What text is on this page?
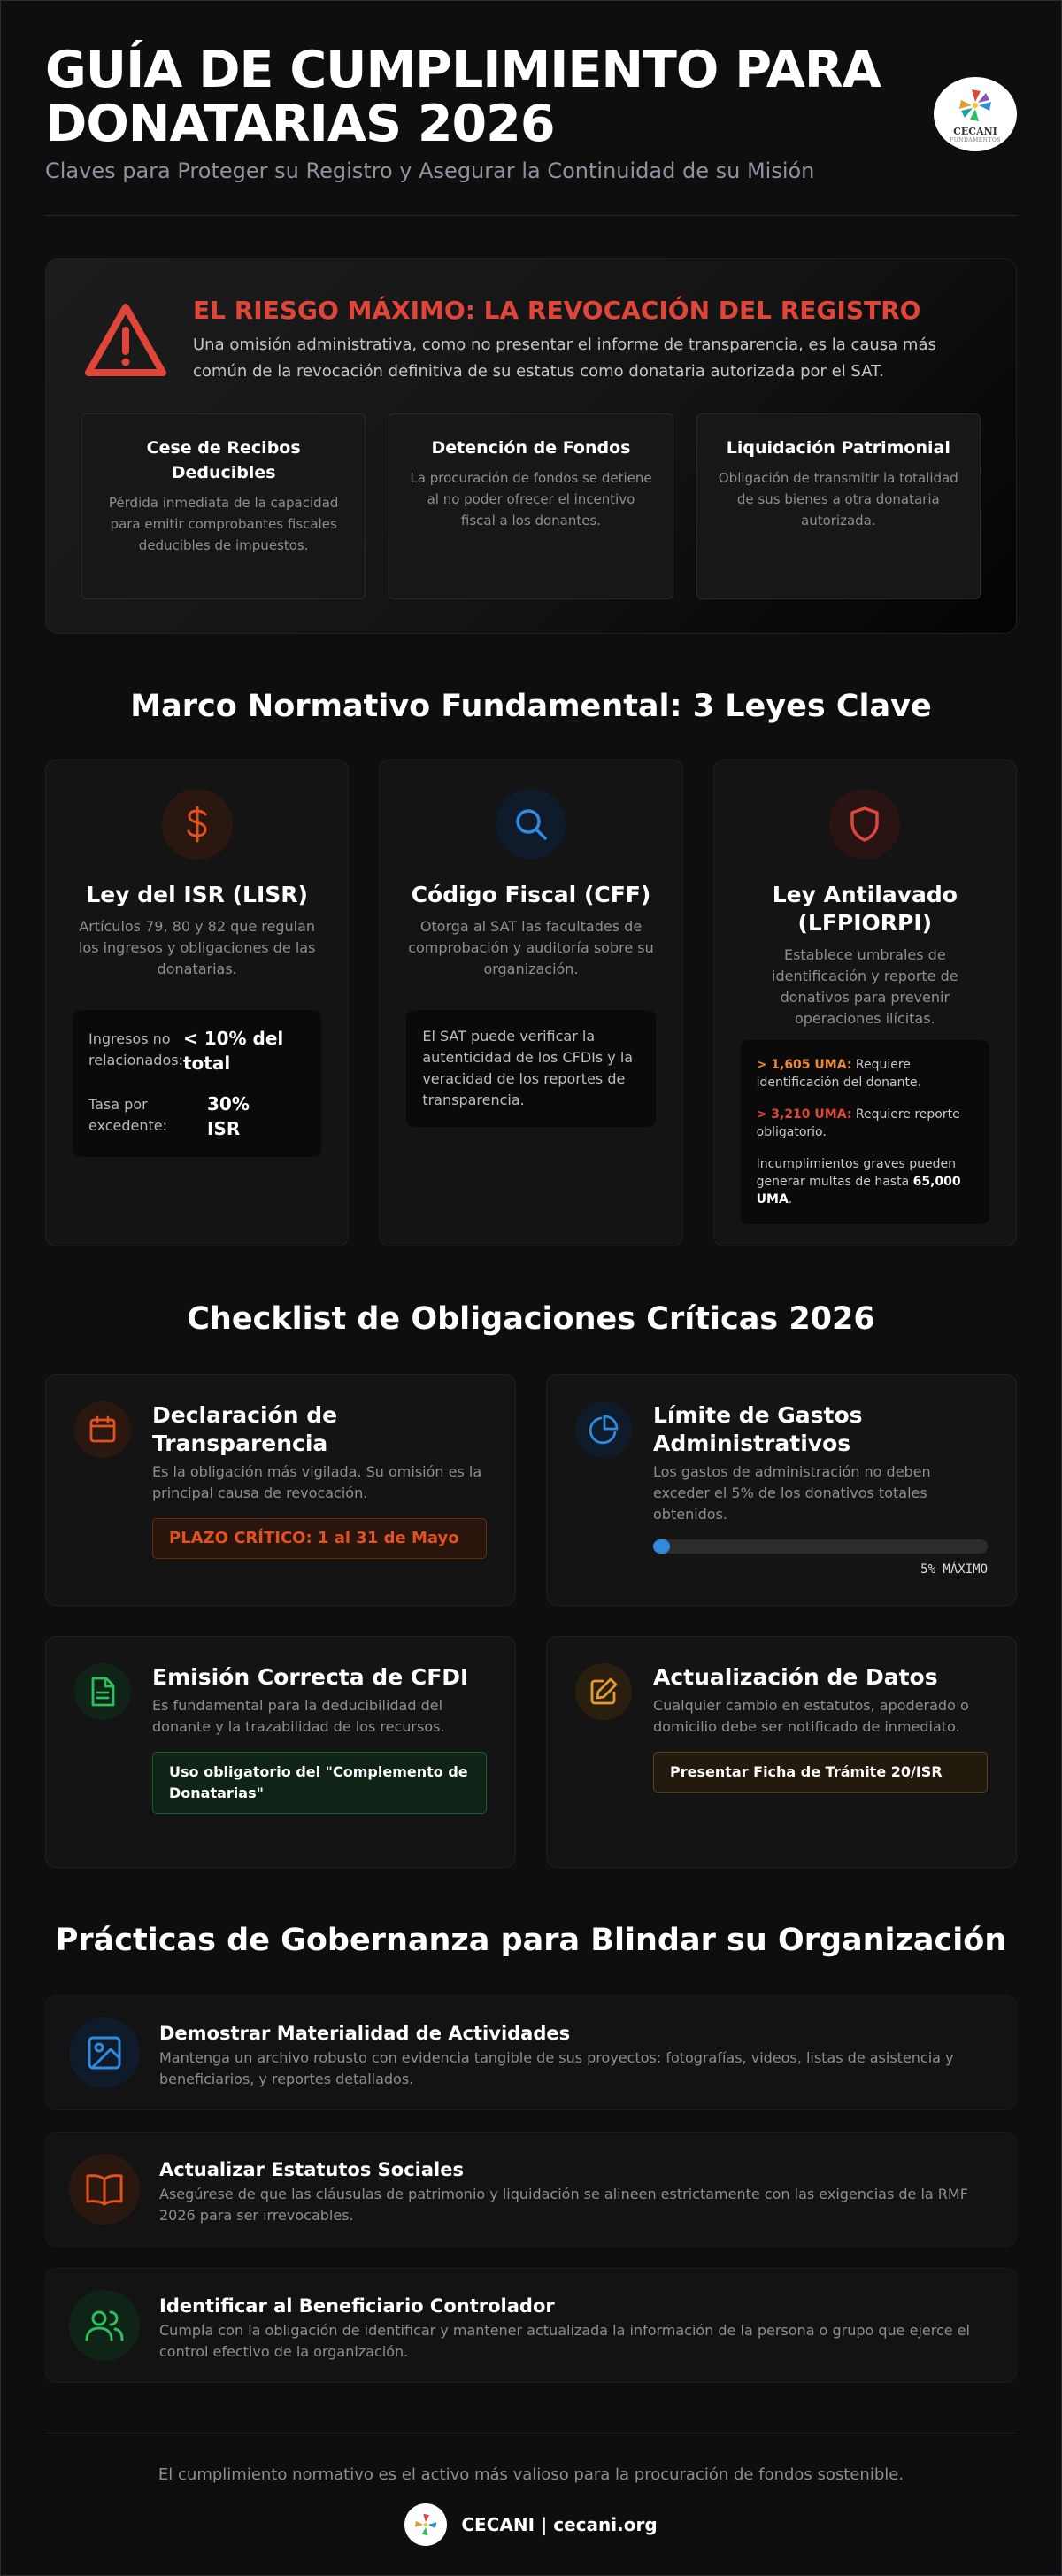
GUÍA DE CUMPLIMIENTO PARA DONATARIAS 2026
Claves para Proteger su Registro y Asegurar la Continuidad de su Misión
CECANI
FUNDAMENTOS
EL RIESGO MÁXIMO: LA REVOCACIÓN DEL REGISTRO

Una omisión administrativa, como no presentar el informe de transparencia, es la causa más común de la revocación definitiva de su estatus como donataria autorizada por el SAT.

Cese de Recibos Deducibles

Pérdida inmediata de la capacidad para emitir comprobantes fiscales deducibles de impuestos.

Detención de Fondos

La procuración de fondos se detiene al no poder ofrecer el incentivo fiscal a los donantes.

Liquidación Patrimonial

Obligación de transmitir la totalidad de sus bienes a otra donataria autorizada.

Marco Normativo Fundamental: 3 Leyes Clave
Ley del ISR (LISR)

Artículos 79, 80 y 82 que regulan los ingresos y obligaciones de las donatarias.

Ingresos no relacionados:
< 10% del total
Tasa por excedente:
30% ISR
Código Fiscal (CFF)

Otorga al SAT las facultades de comprobación y auditoría sobre su organización.

El SAT puede verificar la autenticidad de los CFDIs y la veracidad de los reportes de transparencia.
Ley Antilavado (LFPIORPI)

Establece umbrales de identificación y reporte de donativos para prevenir operaciones ilícitas.

> 1,605 UMA: Requiere identificación del donante.

> 3,210 UMA: Requiere reporte obligatorio.

Incumplimientos graves pueden generar multas de hasta 65,000 UMA.

Checklist de Obligaciones Críticas 2026
Declaración de Transparencia

Es la obligación más vigilada. Su omisión es la principal causa de revocación.

PLAZO CRÍTICO: 1 al 31 de Mayo
Límite de Gastos Administrativos

Los gastos de administración no deben exceder el 5% de los donativos totales obtenidos.

5% MÁXIMO
Emisión Correcta de CFDI

Es fundamental para la deducibilidad del donante y la trazabilidad de los recursos.

Uso obligatorio del "Complemento de Donatarias"
Actualización de Datos

Cualquier cambio en estatutos, apoderado o domicilio debe ser notificado de inmediato.

Presentar Ficha de Trámite 20/ISR
Prácticas de Gobernanza para Blindar su Organización
Demostrar Materialidad de Actividades

Mantenga un archivo robusto con evidencia tangible de sus proyectos: fotografías, videos, listas de asistencia y beneficiarios, y reportes detallados.

Actualizar Estatutos Sociales

Asegúrese de que las cláusulas de patrimonio y liquidación se alineen estrictamente con las exigencias de la RMF 2026 para ser irrevocables.

Identificar al Beneficiario Controlador

Cumpla con la obligación de identificar y mantener actualizada la información de la persona o grupo que ejerce el control efectivo de la organización.

El cumplimiento normativo es el activo más valioso para la procuración de fondos sostenible.
CECANI | cecani.org
